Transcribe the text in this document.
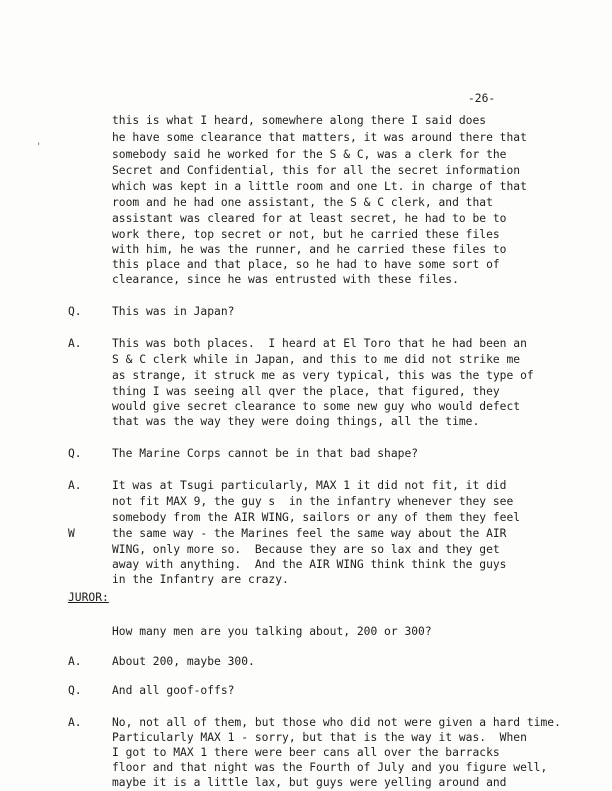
-26-
'
this is what I heard, somewhere along there I said does
he have some clearance that matters, it was around there that
somebody said he worked for the S & C, was a clerk for the
Secret and Confidential, this for all the secret information
which was kept in a little room and one Lt. in charge of that
room and he had one assistant, the S & C clerk, and that
assistant was cleared for at least secret, he had to be to
work there, top secret or not, but he carried these files
with him, he was the runner, and he carried these files to
this place and that place, so he had to have some sort of
clearance, since he was entrusted with these files.
Q.	This was in Japan?
A.	This was both places.  I heard at El Toro that he had been an
S & C clerk while in Japan, and this to me did not strike me
as strange, it struck me as very typical, this was the type of
thing I was seeing all qver the place, that figured, they
would give secret clearance to some new guy who would defect
that was the way they were doing things, all the time.
Q.	The Marine Corps cannot be in that bad shape?
A.
W
It was at Tsugi particularly, MAX 1 it did not fit, it did
not fit MAX 9, the guy s  in the infantry whenever they see
somebody from the AIR WING, sailors or any of them they feel
the same way - the Marines feel the same way about the AIR
WING, only more so.  Because they are so lax and they get
away with anything.  And the AIR WING think think the guys
in the Infantry are crazy.
JUROR:
How many men are you talking about, 200 or 300?
A.	About 200, maybe 300.
Q.	And all goof-offs?
A.	No, not all of them, but those who did not were given a hard time.
Particularly MAX 1 - sorry, but that is the way it was.  When
I got to MAX 1 there were beer cans all over the barracks
floor and that night was the Fourth of July and you figure well,
maybe it is a little lax, but guys were yelling around and
